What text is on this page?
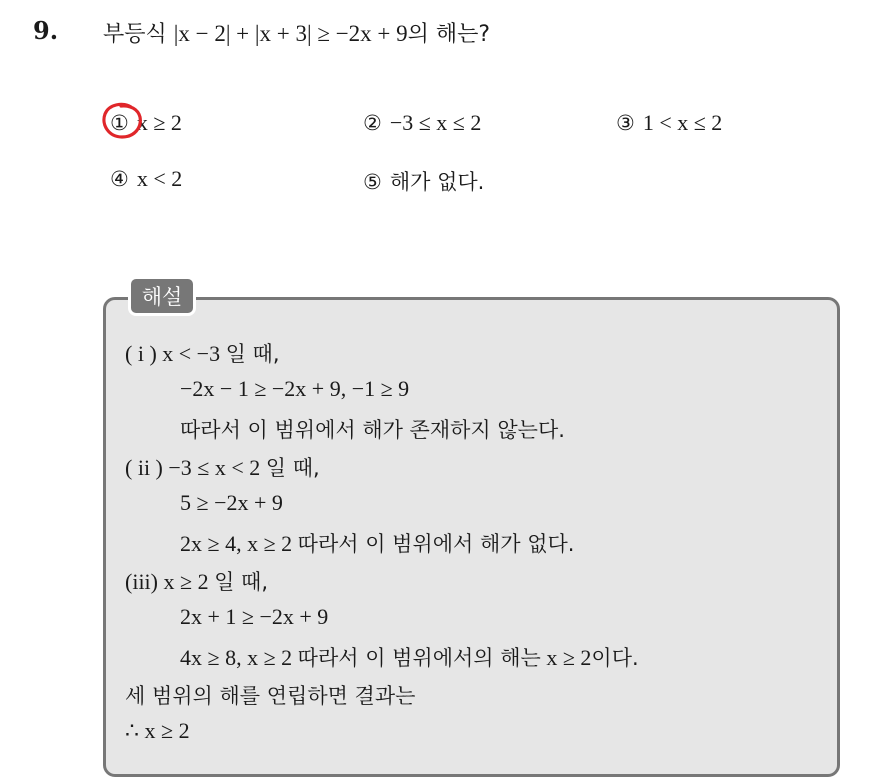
9. 부등식 |x − 2| + |x + 3| ≥ −2x + 9의 해는?
① x ≥ 2	② −3 ≤ x ≤ 2	③ 1 < x ≤ 2
④ x < 2	⑤ 해가 없다.
해설
( i ) x < −3 일 때,
−2x − 1 ≥ −2x + 9, −1 ≥ 9
따라서 이 범위에서 해가 존재하지 않는다.
( ii ) −3 ≤ x < 2 일 때,
5 ≥ −2x + 9
2x ≥ 4, x ≥ 2 따라서 이 범위에서 해가 없다.
(iii) x ≥ 2 일 때,
2x + 1 ≥ −2x + 9
4x ≥ 8, x ≥ 2 따라서 이 범위에서의 해는 x ≥ 2이다.
세 범위의 해를 연립하면 결과는
∴ x ≥ 2
